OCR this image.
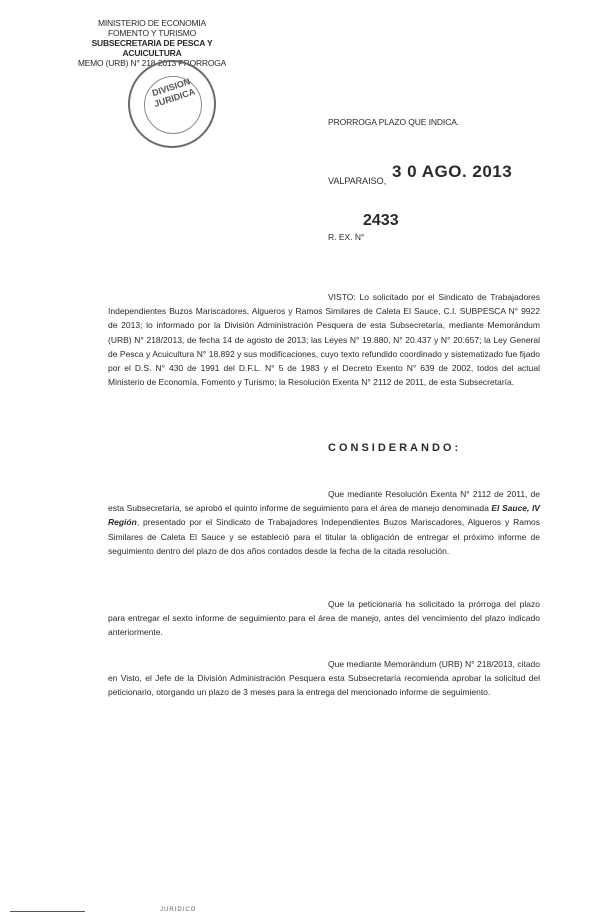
MINISTERIO DE ECONOMIA
FOMENTO Y TURISMO
SUBSECRETARIA DE PESCA Y ACUICULTURA
MEMO (URB) N° 218-2013 PRORROGA
DIVISION JURIDICA
PRORROGA PLAZO QUE INDICA.
VALPARAISO, 3 0 AGO. 2013
2433
R. EX. N°
VISTO: Lo solicitado por el Sindicato de Trabajadores Independientes Buzos Mariscadores, Algueros y Ramos Similares de Caleta El Sauce, C.I. SUBPESCA N° 9922 de 2013; lo informado por la División Administración Pesquera de esta Subsecretaría, mediante Memorándum (URB) N° 218/2013, de fecha 14 de agosto de 2013; las Leyes N° 19.880, N° 20.437 y N° 20.657; la Ley General de Pesca y Acuicultura N° 18.892 y sus modificaciones, cuyo texto refundido coordinado y sistematizado fue fijado por el D.S. N° 430 de 1991 del D.F.L. N° 5 de 1983 y el Decreto Exento N° 639 de 2002, todos del actual Ministerio de Economía, Fomento y Turismo; la Resolución Exenta N° 2112 de 2011, de esta Subsecretaría.
CONSIDERANDO:
Que mediante Resolución Exenta N° 2112 de 2011, de esta Subsecretaría, se aprobó el quinto informe de seguimiento para el área de manejo denominada El Sauce, IV Región, presentado por el Sindicato de Trabajadores Independientes Buzos Mariscadores, Algueros y Ramos Similares de Caleta El Sauce y se estableció para el titular la obligación de entregar el próximo informe de seguimiento dentro del plazo de dos años contados desde la fecha de la citada resolución.
Que la peticionaria ha solicitado la prórroga del plazo para entregar el sexto informe de seguimiento para el área de manejo, antes del vencimiento del plazo indicado anteriormente.
Que mediante Memorándum (URB) N° 218/2013, citado en Visto, el Jefe de la División Administración Pesquera esta Subsecretaría recomienda aprobar la solicitud del peticionario, otorgando un plazo de 3 meses para la entrega del mencionado informe de seguimiento.
JURIDICO
